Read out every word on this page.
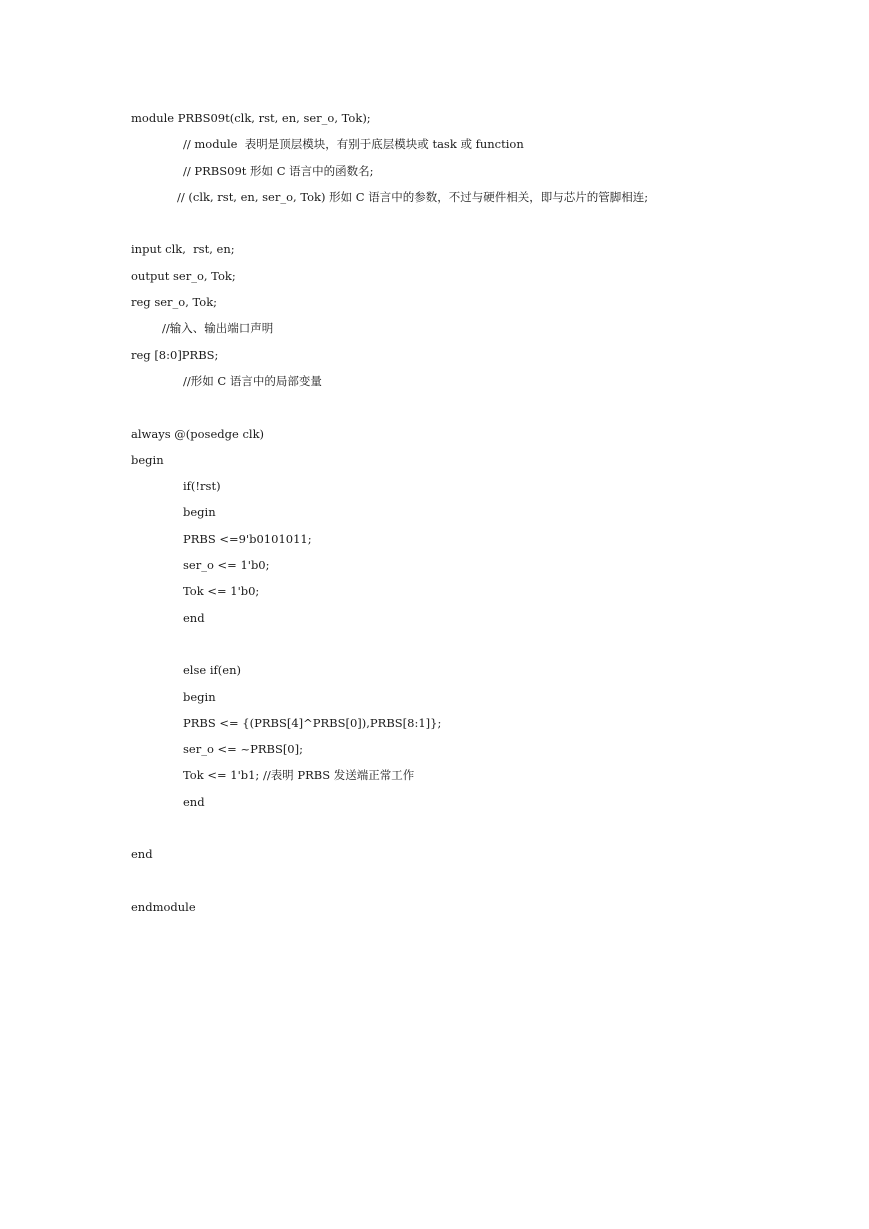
module PRBS09t(clk, rst, en, ser_o, Tok);
// module  表明是顶层模块，有别于底层模块或 task 或 function
// PRBS09t 形如 C 语言中的函数名;
// (clk, rst, en, ser_o, Tok) 形如 C 语言中的参数，不过与硬件相关，即与芯片的管脚相连;
input clk,  rst, en;
output ser_o, Tok;
reg ser_o, Tok;
//输入、输出端口声明
reg [8:0]PRBS;
//形如 C 语言中的局部变量
always @(posedge clk)
begin
if(!rst)
begin
PRBS <=9'b0101011;
ser_o <= 1'b0;
Tok <= 1'b0;
end
else if(en)
begin
PRBS <= {(PRBS[4]^PRBS[0]),PRBS[8:1]};
ser_o <= ~PRBS[0];
Tok <= 1'b1; //表明 PRBS 发送端正常工作
end
end
endmodule
